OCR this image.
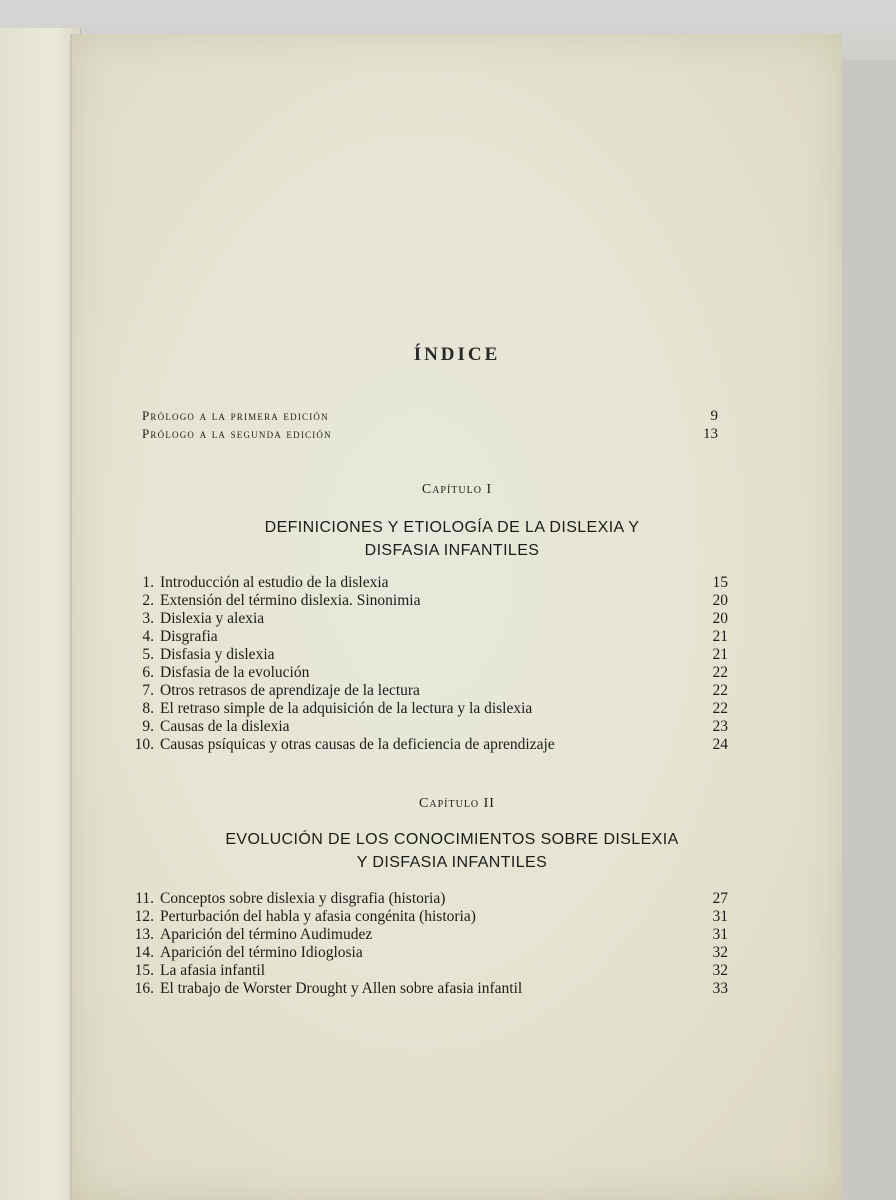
ÍNDICE
Prólogo a la primera edición	9
Prólogo a la segunda edición	13
Capítulo I
DEFINICIONES Y ETIOLOGÍA DE LA DISLEXIA Y
DISFASIA INFANTILES
1. Introducción al estudio de la dislexia	15
2. Extensión del término dislexia. Sinonimia	20
3. Dislexia y alexia	20
4. Disgrafia	21
5. Disfasia y dislexia	21
6. Disfasia de la evolución	22
7. Otros retrasos de aprendizaje de la lectura	22
8. El retraso simple de la adquisición de la lectura y la dislexia	22
9. Causas de la dislexia	23
10. Causas psíquicas y otras causas de la deficiencia de aprendizaje	24
Capítulo II
EVOLUCIÓN DE LOS CONOCIMIENTOS SOBRE DISLEXIA
Y DISFASIA INFANTILES
11. Conceptos sobre dislexia y disgrafia (historia)	27
12. Perturbación del habla y afasia congénita (historia)	31
13. Aparición del término Audimudez	31
14. Aparición del término Idioglosia	32
15. La afasia infantil	32
16. El trabajo de Worster Drought y Allen sobre afasia infantil	33
